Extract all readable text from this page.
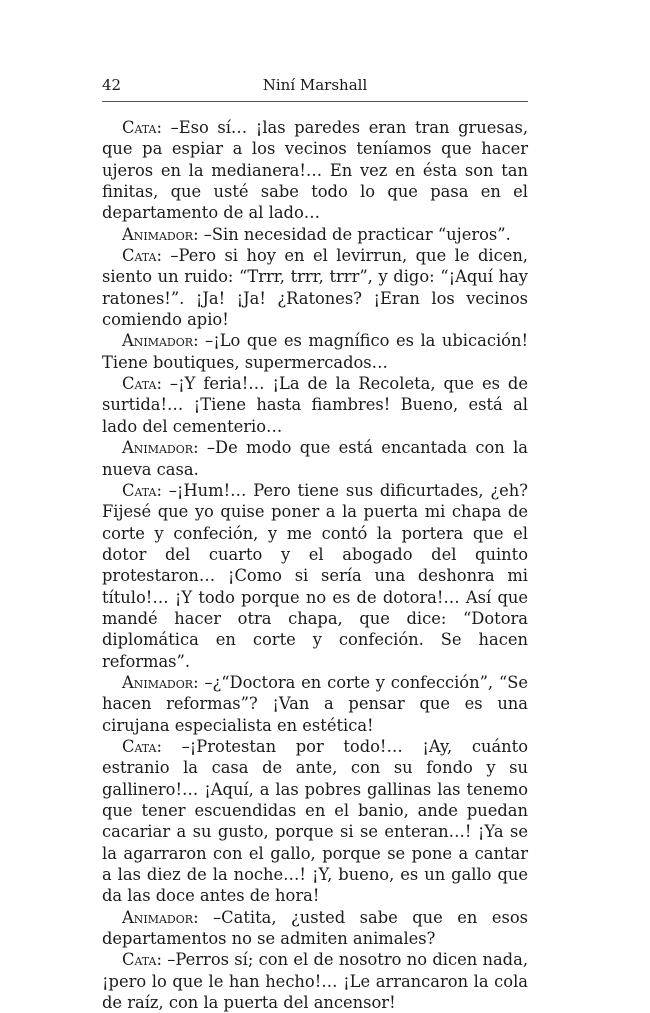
42	Niní Marshall

Cata: –Eso sí… ¡las paredes eran tran gruesas, que pa espiar a los vecinos teníamos que hacer ujeros en la medianera!… En vez en ésta son tan finitas, que usté sabe todo lo que pasa en el departamento de al lado…

Animador: –Sin necesidad de practicar “ujeros”.

Cata: –Pero si hoy en el levirrun, que le dicen, siento un ruido: “Trrr, trrr, trrr”, y digo: “¡Aquí hay ratones!”. ¡Ja! ¡Ja! ¿Ratones? ¡Eran los vecinos comiendo apio!

Animador: –¡Lo que es magnífico es la ubicación! Tiene boutiques, supermercados…

Cata: –¡Y feria!… ¡La de la Recoleta, que es de surtida!… ¡Tiene hasta fiambres! Bueno, está al lado del cementerio…

Animador: –De modo que está encantada con la nueva casa.

Cata: –¡Hum!… Pero tiene sus dificurtades, ¿eh? Fijesé que yo quise poner a la puerta mi chapa de corte y confeción, y me contó la portera que el dotor del cuarto y el abogado del quinto protestaron… ¡Como si sería una deshonra mi título!… ¡Y todo porque no es de dotora!… Así que mandé hacer otra chapa, que dice: “Dotora diplomática en corte y confeción. Se hacen reformas”.

Animador: –¿“Doctora en corte y confección”, “Se hacen reformas”? ¡Van a pensar que es una cirujana especialista en estética!

Cata: –¡Protestan por todo!… ¡Ay, cuánto estranio la casa de ante, con su fondo y su gallinero!… ¡Aquí, a las pobres gallinas las tenemo que tener escuendidas en el banio, ande puedan cacariar a su gusto, porque si se enteran…! ¡Ya se la agarraron con el gallo, porque se pone a cantar a las diez de la noche…! ¡Y, bueno, es un gallo que da las doce antes de hora!

Animador: –Catita, ¿usted sabe que en esos departamentos no se admiten animales?

Cata: –Perros sí; con el de nosotro no dicen nada, ¡pero lo que le han hecho!… ¡Le arrancaron la cola de raíz, con la puerta del ancensor!
